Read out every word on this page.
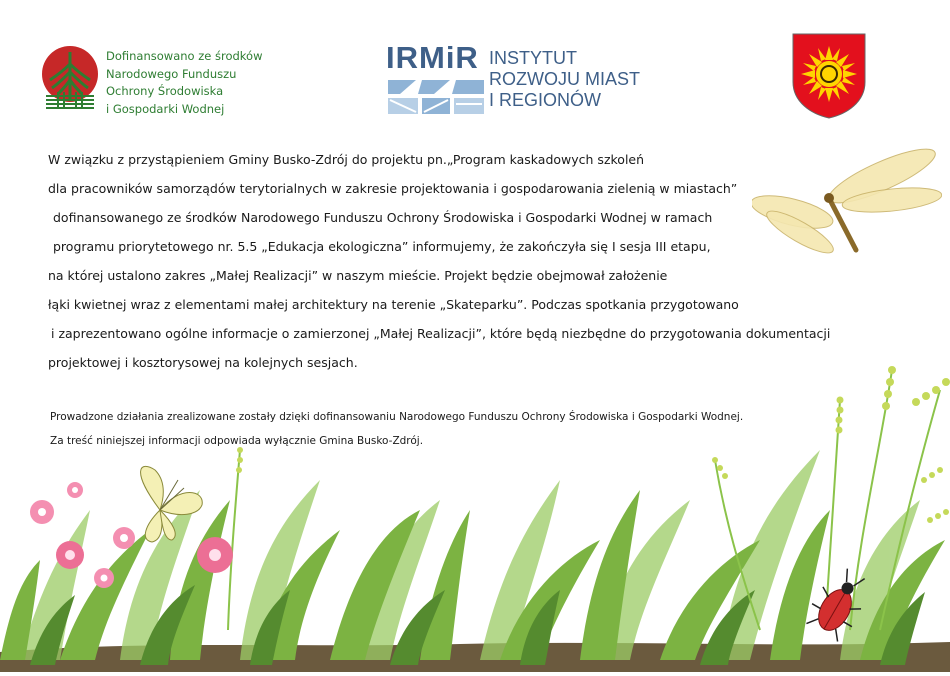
Dofinansowano ze środków
Narodowego Funduszu
Ochrony Środowiska
i Gospodarki Wodnej
IRMiR INSTYTUT
ROZWOJU MIAST
I REGIONÓW
W związku z przystąpieniem Gminy Busko-Zdrój do projektu pn.„Program kaskadowych szkoleń
dla pracowników samorządów terytorialnych w zakresie projektowania i gospodarowania zielenią w miastach”
dofinansowanego ze środków Narodowego Funduszu Ochrony Środowiska i Gospodarki Wodnej w ramach
programu priorytetowego nr. 5.5 „Edukacja ekologiczna” informujemy, że zakończyła się I sesja III etapu,
na której ustalono zakres „Małej Realizacji” w naszym mieście. Projekt będzie obejmował założenie
łąki kwietnej wraz z elementami małej architektury na terenie „Skateparku”. Podczas spotkania przygotowano
i zaprezentowano ogólne informacje o zamierzonej „Małej Realizacji”, które będą niezbędne do przygotowania dokumentacji
projektowej i kosztorysowej na kolejnych sesjach.
Prowadzone działania zrealizowane zostały dzięki dofinansowaniu Narodowego Funduszu Ochrony Środowiska i Gospodarki Wodnej.
Za treść niniejszej informacji odpowiada wyłącznie Gmina Busko-Zdrój.
